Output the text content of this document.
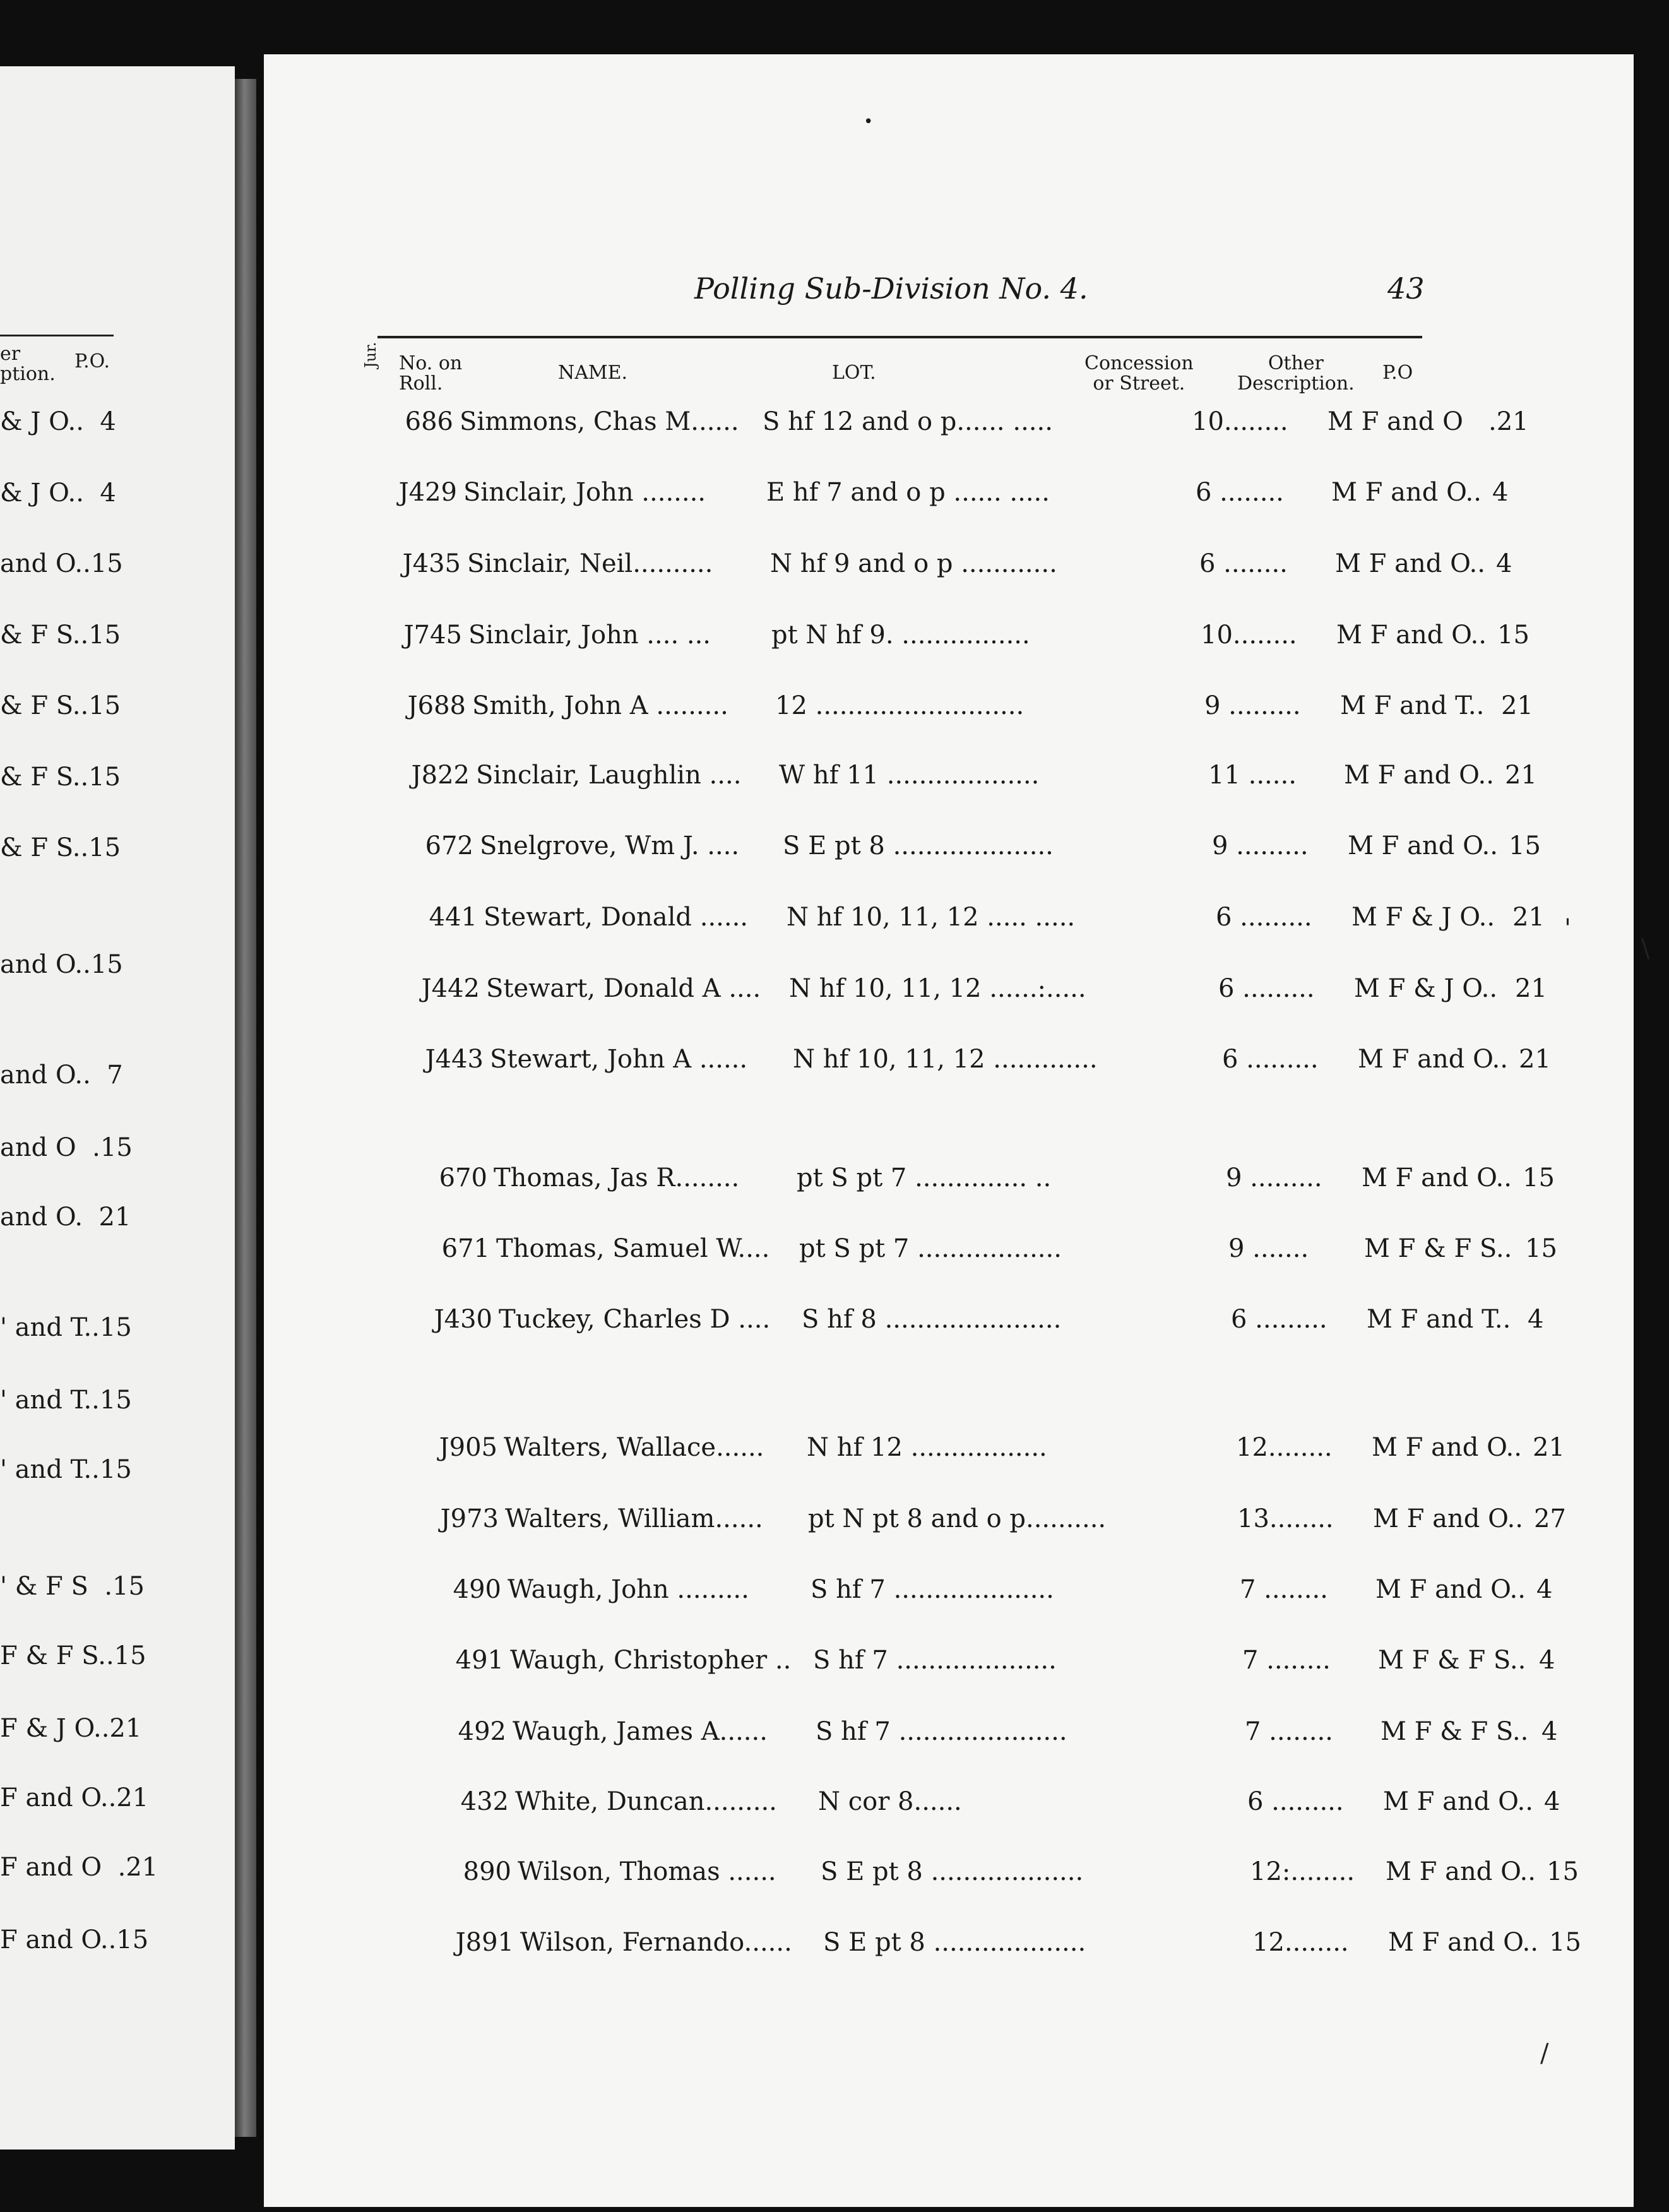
er
ption.
P.O.
& J O..  4
& J O..  4
and O..15
& F S..15
& F S..15
& F S..15
& F S..15
and O..15
and O..  7
and O  .15
and O.  21
' and T..15
' and T..15
' and T..15
' & F S  .15
F & F S..15
F & J O..21
F and O..21
F and O  .21
F and O..15
•
Polling Sub-Division No. 4.	43
Jur. No. on
Roll.	NAME.	LOT.	Concession
or Street.
Other
Description. P.O
686 Simmons, Chas M...... S hf 12 and o p...... .....	10........ M F and O .21
J429 Sinclair, John ........ E hf 7 and o p ...... .....	6 ........ M F and O.. 4
J435 Sinclair, Neil.......... N hf 9 and o p ............	6 ........ M F and O.. 4
J745 Sinclair, John .... ... pt N hf 9. ................	10........ M F and O.. 15
J688 Smith, John A ......... 12 ..........................	9 ......... M F and T.. 21
J822 Sinclair, Laughlin .... W hf 11 ...................	11 ...... M F and O.. 21
672 Snelgrove, Wm J. .... S E pt 8 ....................	9 ......... M F and O.. 15
441 Stewart, Donald ...... N hf 10, 11, 12 ..... .....	6 ......... M F & J O.. 21
J442 Stewart, Donald A .... N hf 10, 11, 12 ......:.....	6 ......... M F & J O.. 21
J443 Stewart, John A ...... N hf 10, 11, 12 .............	6 ......... M F and O.. 21
670 Thomas, Jas R........ pt S pt 7 .............. ..	9 ......... M F and O.. 15
671 Thomas, Samuel W.... pt S pt 7 ..................	9 ....... M F & F S.. 15
J430 Tuckey, Charles D .... S hf 8 ......................	6 ......... M F and T.. 4
J905 Walters, Wallace...... N hf 12 .................	12........ M F and O.. 21
J973 Walters, William...... pt N pt 8 and o p..........	13........ M F and O.. 27
490 Waugh, John ......... S hf 7 ....................	7 ........ M F and O.. 4
491 Waugh, Christopher .. S hf 7 ....................	7 ........ M F & F S.. 4
492 Waugh, James A...... S hf 7 .....................	7 ........ M F & F S.. 4
432 White, Duncan......... N cor 8......	6 ......... M F and O.. 4
890 Wilson, Thomas ...... S E pt 8 ...................	12:........ M F and O.. 15
J891 Wilson, Fernando...... S E pt 8 ...................	12........ M F and O.. 15
'
\
/
